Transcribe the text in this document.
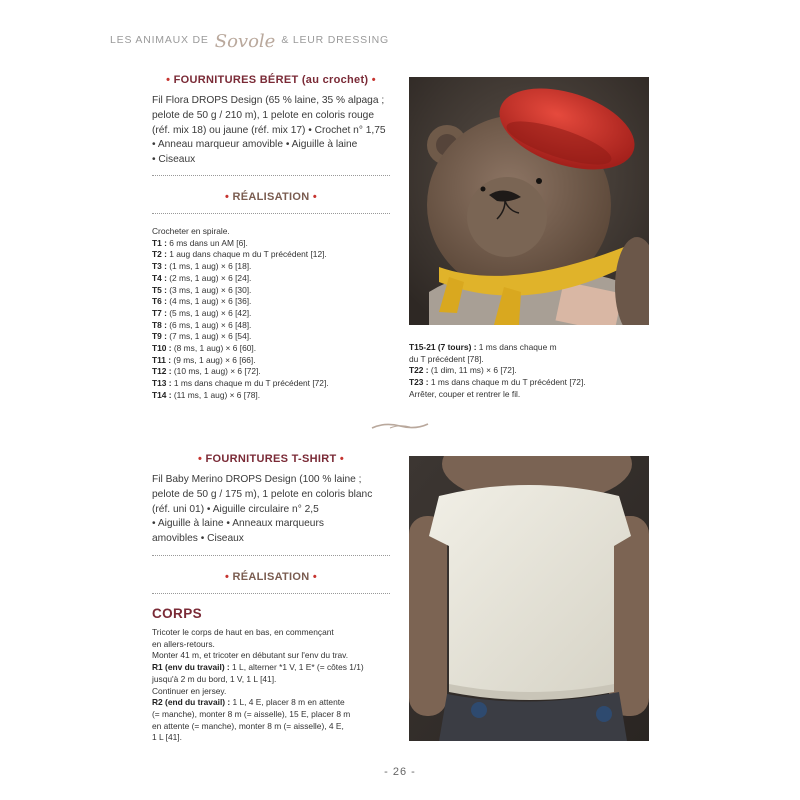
LES ANIMAUX DE Sovole & LEUR DRESSING
• FOURNITURES BÉRET (au crochet) •
Fil Flora DROPS Design (65 % laine, 35 % alpaga ;
pelote de 50 g / 210 m), 1 pelote en coloris rouge
(réf. mix 18) ou jaune (réf. mix 17) • Crochet n° 1,75
• Anneau marqueur amovible • Aiguille à laine
• Ciseaux
• RÉALISATION •
Crocheter en spirale.
T1 : 6 ms dans un AM [6].
T2 : 1 aug dans chaque m du T précédent [12].
T3 : (1 ms, 1 aug) × 6 [18].
T4 : (2 ms, 1 aug) × 6 [24].
T5 : (3 ms, 1 aug) × 6 [30].
T6 : (4 ms, 1 aug) × 6 [36].
T7 : (5 ms, 1 aug) × 6 [42].
T8 : (6 ms, 1 aug) × 6 [48].
T9 : (7 ms, 1 aug) × 6 [54].
T10 : (8 ms, 1 aug) × 6 [60].
T11 : (9 ms, 1 aug) × 6 [66].
T12 : (10 ms, 1 aug) × 6 [72].
T13 : 1 ms dans chaque m du T précédent [72].
T14 : (11 ms, 1 aug) × 6 [78].
T15-21 (7 tours) : 1 ms dans chaque m
du T précédent [78].
T22 : (1 dim, 11 ms) × 6 [72].
T23 : 1 ms dans chaque m du T précédent [72].
Arrêter, couper et rentrer le fil.
• FOURNITURES T-SHIRT •
Fil Baby Merino DROPS Design (100 % laine ;
pelote de 50 g / 175 m), 1 pelote en coloris blanc
(réf. uni 01) • Aiguille circulaire n° 2,5
• Aiguille à laine • Anneaux marqueurs
amovibles • Ciseaux
• RÉALISATION •
CORPS
Tricoter le corps de haut en bas, en commençant
en allers-retours.
Monter 41 m, et tricoter en débutant sur l'env du trav.
R1 (env du travail) : 1 L, alterner *1 V, 1 E* (= côtes 1/1)
jusqu'à 2 m du bord, 1 V, 1 L [41].
Continuer en jersey.
R2 (end du travail) : 1 L, 4 E, placer 8 m en attente
(= manche), monter 8 m (= aisselle), 15 E, placer 8 m
en attente (= manche), monter 8 m (= aisselle), 4 E,
1 L [41].
- 26 -
